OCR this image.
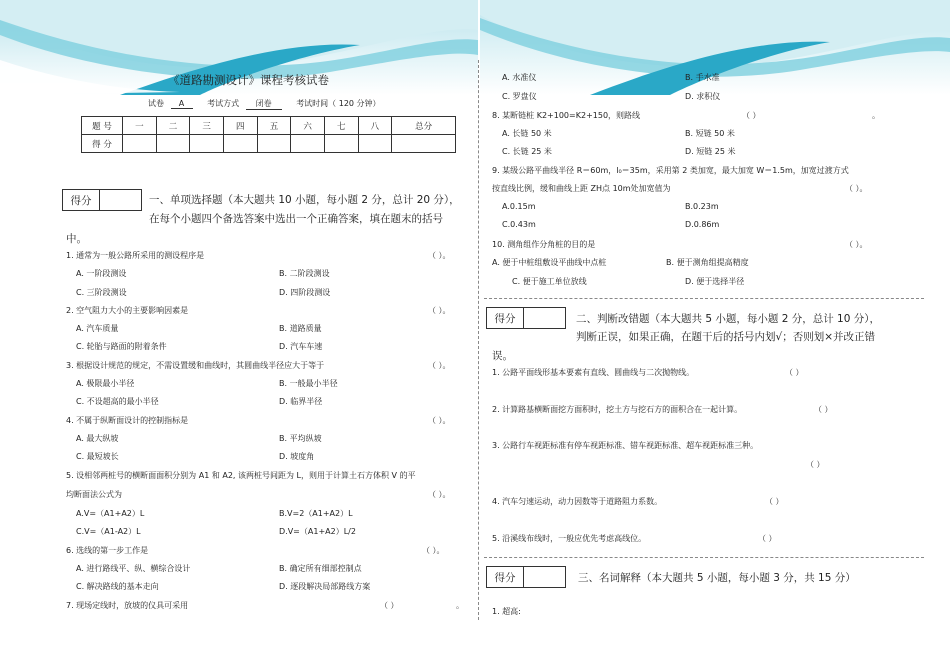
《道路勘测设计》课程考核试卷
试卷 A	考试方式 闭卷	考试时间（ 120 分钟）
题 号	一	二	三	四	五	六	七	八	总分
得 分									
得分	一、单项选择题（本大题共 10 小题，每小题 2 分，总计 20 分），
在每个小题四个备选答案中选出一个正确答案，填在题末的括号
中。
1. 通常为一般公路所采用的测设程序是	（ ）。
A. 一阶段测设	B. 二阶段测设
C. 三阶段测设	D. 四阶段测设
2. 空气阻力大小的主要影响因素是	（ ）。
A. 汽车质量	B. 道路质量
C. 轮胎与路面的附着条件	D. 汽车车速
3. 根据设计规范的规定，不需设置缓和曲线时，其圆曲线半径应大于等于	（ ）。
A. 极限最小半径	B. 一般最小半径
C. 不设超高的最小半径	D. 临界半径
4. 不属于纵断面设计的控制指标是	（ ）。
A. 最大纵坡	B. 平均纵坡
C. 最短坡长	D. 坡度角
5. 设相邻两桩号的横断面面积分别为 A1 和 A2, 该两桩号间距为 L，则用于计算土石方体积 V 的平
均断面法公式为	（ ）。
A.V=（A1+A2）L	B.V=2（A1+A2）L
C.V=（A1-A2）L	D.V=（A1+A2）L/2
6. 选线的第一步工作是	（ ）。
A. 进行路线平、纵、横综合设计	B. 确定所有细部控制点
C. 解决路线的基本走向	D. 逐段解决局部路线方案
7. 现场定线时，放坡的仪具可采用	（ ）	。
A. 水准仪	B. 手水准
C. 罗盘仪	D. 求积仪
8. 某断链桩 K2+100=K2+150，则路线	（ ）	。
A. 长链 50 米	B. 短链 50 米
C. 长链 25 米	D. 短链 25 米
9. 某级公路平曲线半径 R＝60m，l₀＝35m，采用第 2 类加宽，最大加宽 W＝1.5m，加宽过渡方式
按直线比例，缓和曲线上距 ZH点 10m处加宽值为	（ ）。
A.0.15m	B.0.23m
C.0.43m	D.0.86m
10. 测角组作分角桩的目的是	（ ）。
A. 便于中桩组敷设平曲线中点桩	B. 便于测角组提高精度
C. 便于施工单位放线	D. 便于选择半径
得分	二、判断改错题（本大题共 5 小题，每小题 2 分，总计 10 分），
判断正误，如果正确，在题干后的括号内划√；否则划×并改正错
误。
1. 公路平面线形基本要素有直线、圆曲线与二次抛物线。	（ ）
2. 计算路基横断面挖方面积时，挖土方与挖石方的面积合在一起计算。	（ ）
3. 公路行车视距标准有停车视距标准、错车视距标准、超车视距标准三种。
（ ）
4. 汽车匀速运动，动力因数等于道路阻力系数。	（ ）
5. 沿溪线布线时，一般应优先考虑高线位。	（ ）
得分	三、名词解释（本大题共 5 小题，每小题 3 分，共 15 分）
1. 超高:
